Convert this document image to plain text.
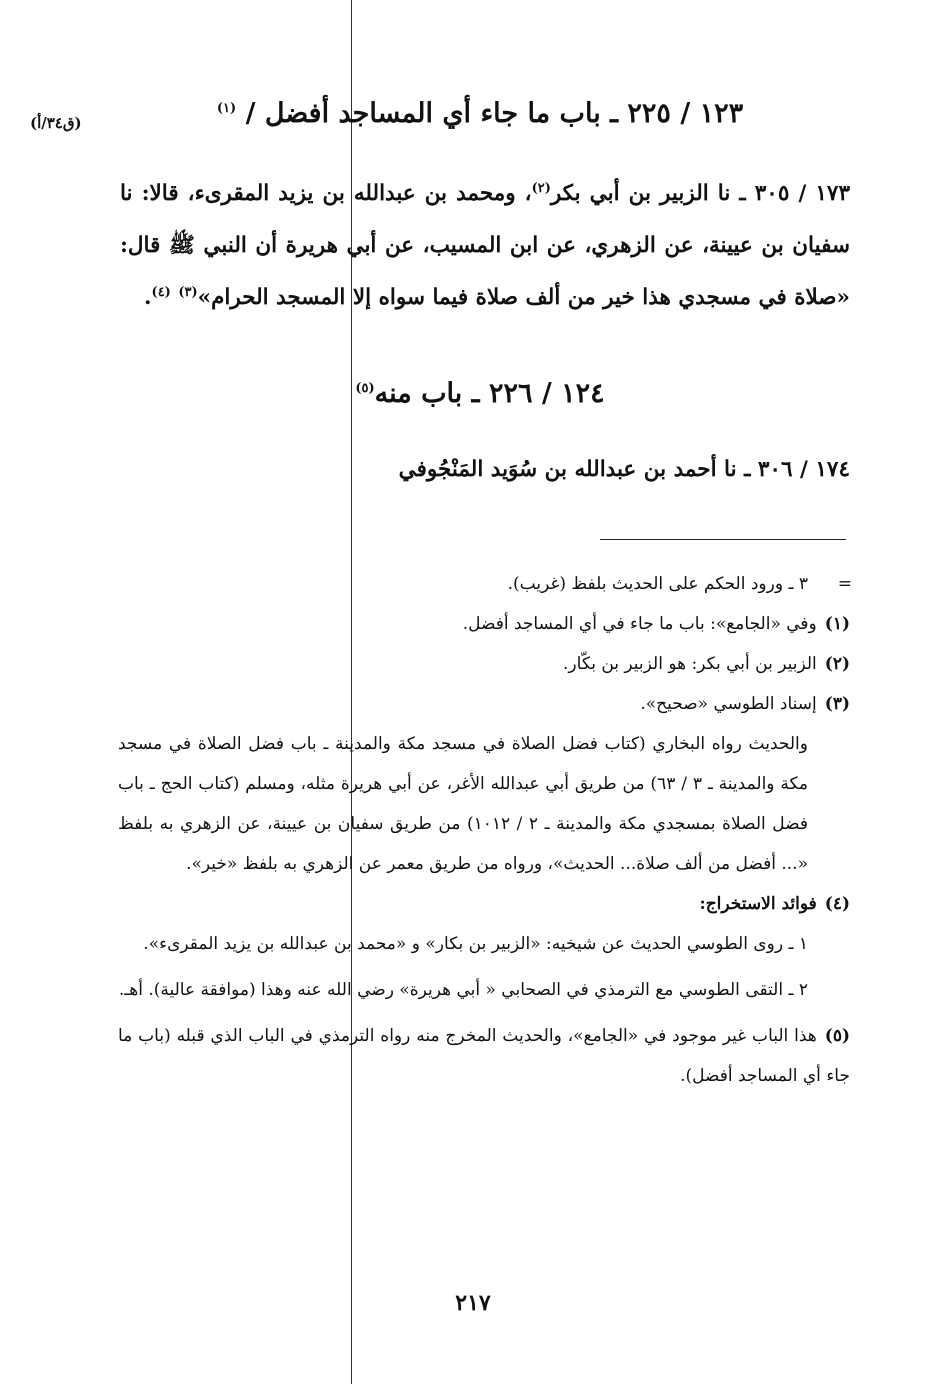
(ق٣٤/أ)	١٢٣ / ٢٢٥ ـ باب ما جاء أي المساجد أفضل / $^{(١)}$
١٧٣ / ٣٠٥ ـ نا الزبير بن أبي بكر$^{(٢)}$، ومحمد بن عبدالله بن يزيد المقرىء، قالا: نا سفيان بن عيينة، عن الزهري، عن ابن المسيب، عن أبي هريرة أن النبي ﷺ قال: «صلاة في مسجدي هذا خير من ألف صلاة فيما سواه إلا المسجد الحرام»$^{(٣)}$ $^{(٤)}$.
١٢٤ / ٢٢٦ ـ باب منه$^{(٥)}$
١٧٤ / ٣٠٦ ـ نا أحمد بن عبدالله بن سُوَيد المَنْجُوفي

=
٣ ـ ورود الحكم على الحديث بلفظ (غريب).

(١)وفي «الجامع»: باب ما جاء في أي المساجد أفضل.

(٢)الزبير بن أبي بكر: هو الزبير بن بكّار.

(٣)إسناد الطوسي «صحيح».

والحديث رواه البخاري (كتاب فضل الصلاة في مسجد مكة والمدينة ـ باب فضل الصلاة في مسجد مكة والمدينة ـ ٣ / ٦٣) من طريق أبي عبدالله الأغر، عن أبي هريرة مثله، ومسلم (كتاب الحج ـ باب فضل الصلاة بمسجدي مكة والمدينة ـ ٢ / ١٠١٢) من طريق سفيان بن عيينة، عن الزهري به بلفظ «... أفضل من ألف صلاة... الحديث»، ورواه من طريق معمر عن الزهري به بلفظ «خير».

(٤)فوائد الاستخراج:

١ ـ روى الطوسي الحديث عن شيخيه: «الزبير بن بكار» و «محمد بن عبدالله بن يزيد المقرىء».

٢ ـ التقى الطوسي مع الترمذي في الصحابي « أبي هريرة» رضي الله عنه وهذا (موافقة عالية). أهـ.

(٥)هذا الباب غير موجود في «الجامع»، والحديث المخرج منه رواه الترمذي في الباب الذي قبله (باب ما جاء أي المساجد أفضل).

٢١٧
